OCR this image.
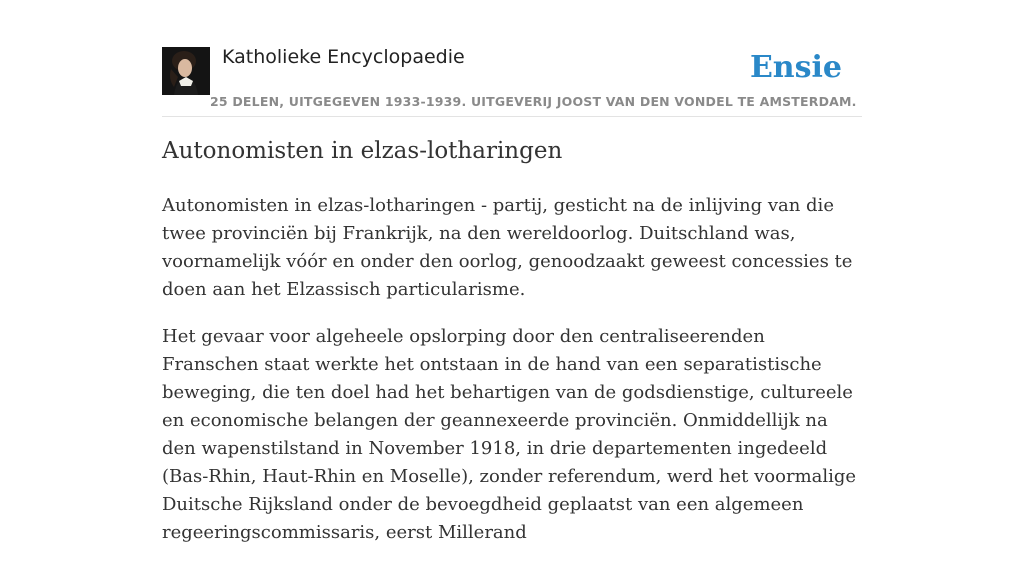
Katholieke Encyclopaedie
25 DELEN, UITGEGEVEN 1933-1939. UITGEVERIJ JOOST VAN DEN VONDEL TE AMSTERDAM.
Ensie
Autonomisten in elzas-lotharingen

Autonomisten in elzas-lotharingen - partij, gesticht na de inlijving van die twee provinciën bij Frankrijk, na den wereldoorlog. Duitschland was, voornamelijk vóór en onder den oorlog, genoodzaakt geweest concessies te doen aan het Elzassisch particularisme.

Het gevaar voor algeheele opslorping door den centraliseerenden Franschen staat werkte het ontstaan in de hand van een separatistische beweging, die ten doel had het behartigen van de godsdienstige, cultureele en economische belangen der geannexeerde provinciën. Onmiddellijk na den wapenstilstand in November 1918, in drie departementen ingedeeld (Bas-Rhin, Haut-Rhin en Moselle), zonder referendum, werd het voormalige Duitsche Rijksland onder de bevoegdheid geplaatst van een algemeen regeeringscommissaris, eerst Millerand
